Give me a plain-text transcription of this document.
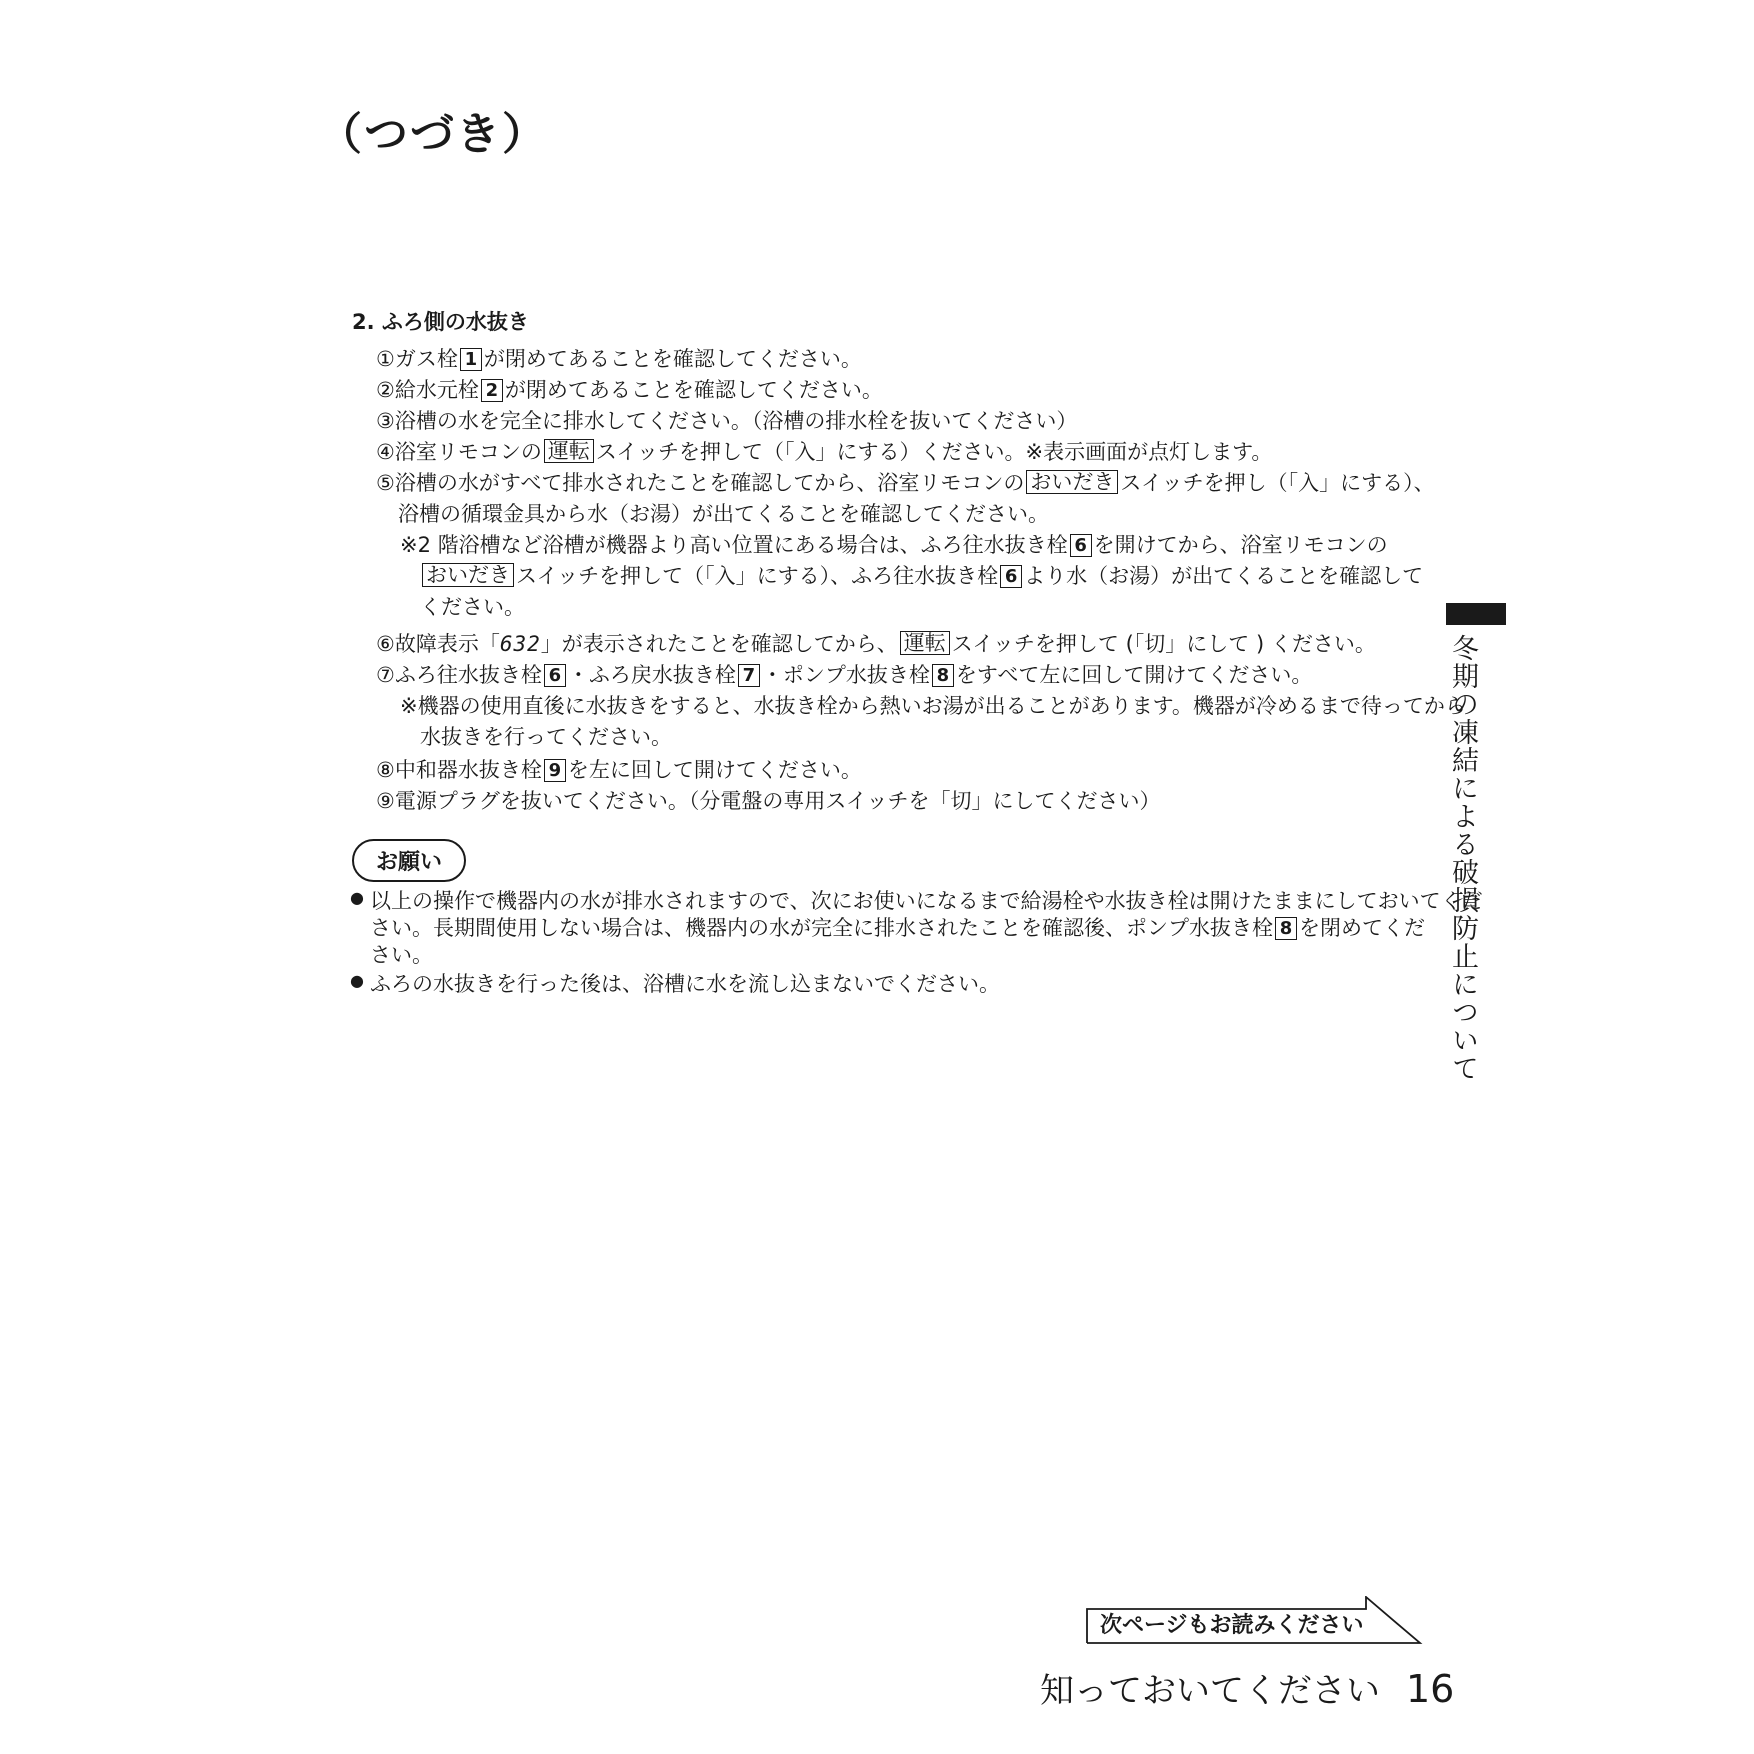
（つづき）
2. ふろ側の水抜き
①ガス栓 1 が閉めてあることを確認してください。
②給水元栓 2 が閉めてあることを確認してください。
③浴槽の水を完全に排水してください。（浴槽の排水栓を抜いてください）
④浴室リモコンの 運転 スイッチを押して（「入」にする）ください。※表示画面が点灯します。
⑤浴槽の水がすべて排水されたことを確認してから、浴室リモコンの おいだき スイッチを押し（「入」にする）、
浴槽の循環金具から水（お湯）が出てくることを確認してください。
※2 階浴槽など浴槽が機器より高い位置にある場合は、ふろ往水抜き栓 6 を開けてから、浴室リモコンの
おいだき スイッチを押して（「入」にする）、ふろ往水抜き栓 6 より水（お湯）が出てくることを確認して
ください。
⑥故障表示「632」が表示されたことを確認してから、 運転 スイッチを押して (「切」にして ) ください。
⑦ふろ往水抜き栓 6 ・ふろ戻水抜き栓 7 ・ポンプ水抜き栓 8 をすべて左に回して開けてください。
※機器の使用直後に水抜きをすると、水抜き栓から熱いお湯が出ることがあります。機器が冷めるまで待ってから
水抜きを行ってください。
⑧中和器水抜き栓 9 を左に回して開けてください。
⑨電源プラグを抜いてください。（分電盤の専用スイッチを「切」にしてください）
お願い
● 以上の操作で機器内の水が排水されますので、次にお使いになるまで給湯栓や水抜き栓は開けたままにしておいてくだ
さい。長期間使用しない場合は、機器内の水が完全に排水されたことを確認後、ポンプ水抜き栓 8 を閉めてくだ
さい。
● ふろの水抜きを行った後は、浴槽に水を流し込まないでください。	冬期の凍結による破損防止について
次ページもお読みください
知っておいてください 16
